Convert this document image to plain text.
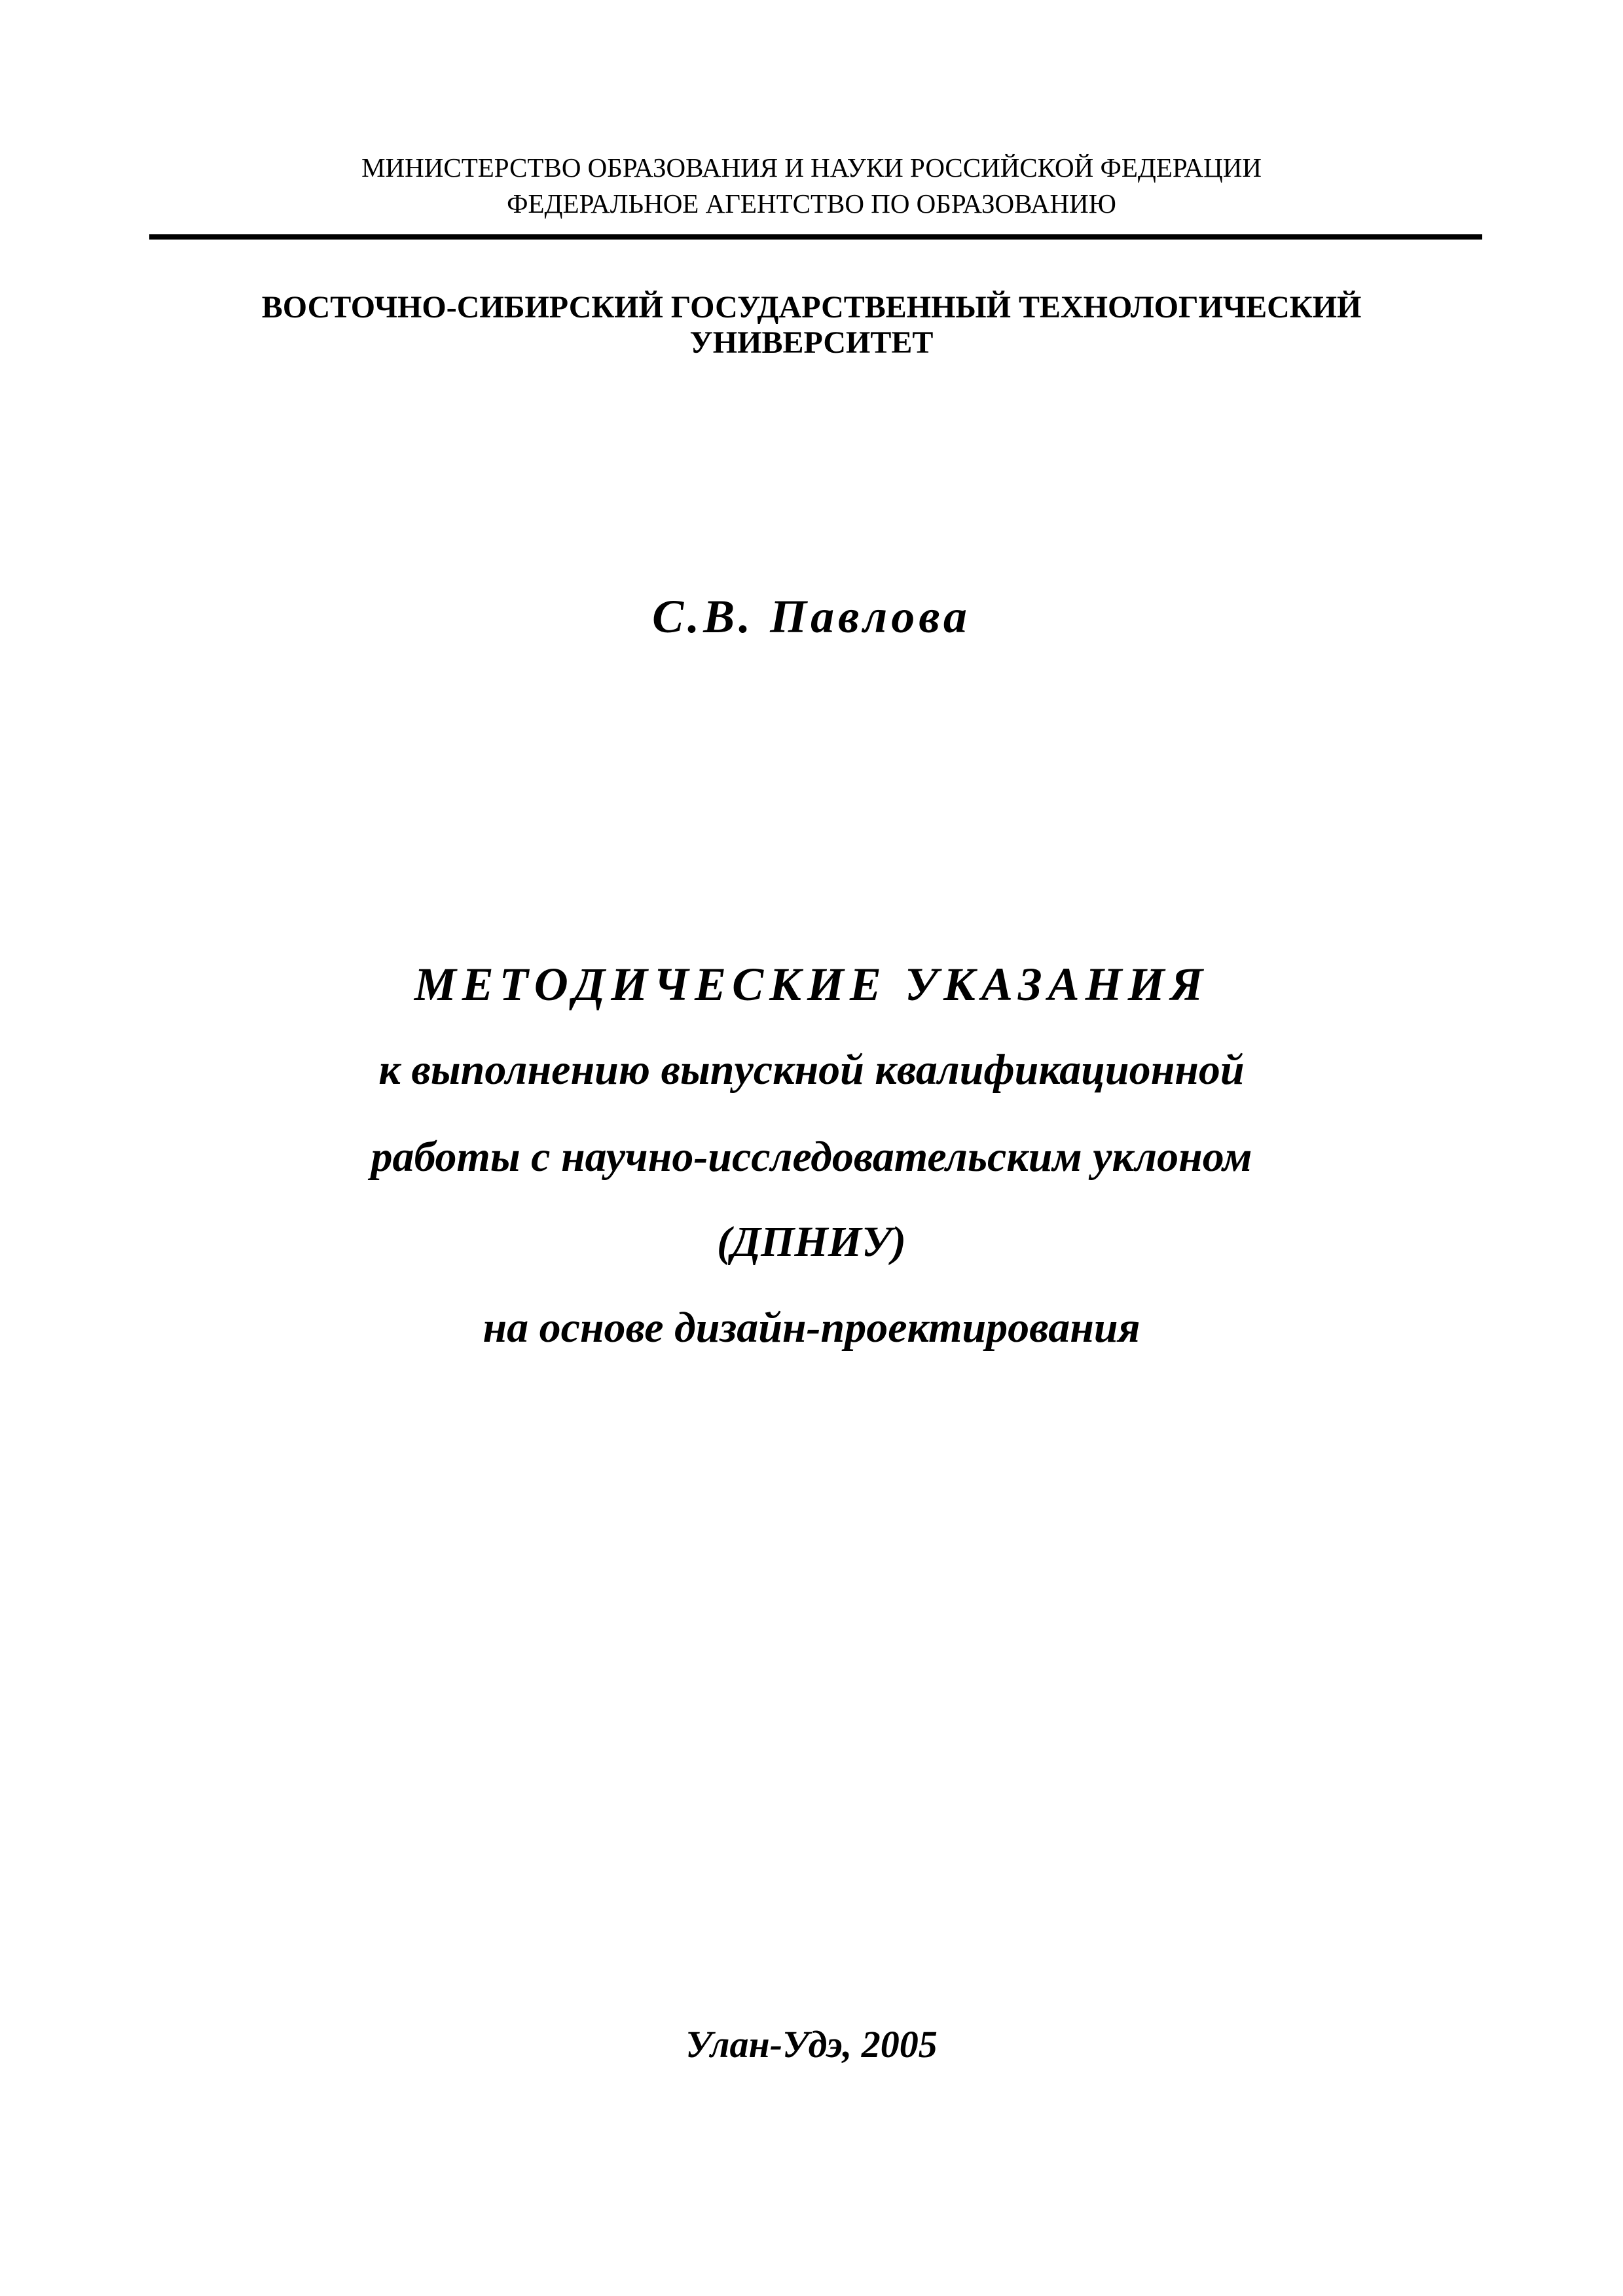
МИНИСТЕРСТВО ОБРАЗОВАНИЯ И НАУКИ РОССИЙСКОЙ ФЕДЕРАЦИИ
ФЕДЕРАЛЬНОЕ АГЕНТСТВО ПО ОБРАЗОВАНИЮ
ВОСТОЧНО-СИБИРСКИЙ ГОСУДАРСТВЕННЫЙ ТЕХНОЛОГИЧЕСКИЙ
УНИВЕРСИТЕТ
С.В. Павлова
МЕТОДИЧЕСКИЕ УКАЗАНИЯ
к выполнению выпускной квалификационной
работы с научно-исследовательским уклоном
(ДПНИУ)
на основе дизайн-проектирования
Улан-Удэ, 2005
